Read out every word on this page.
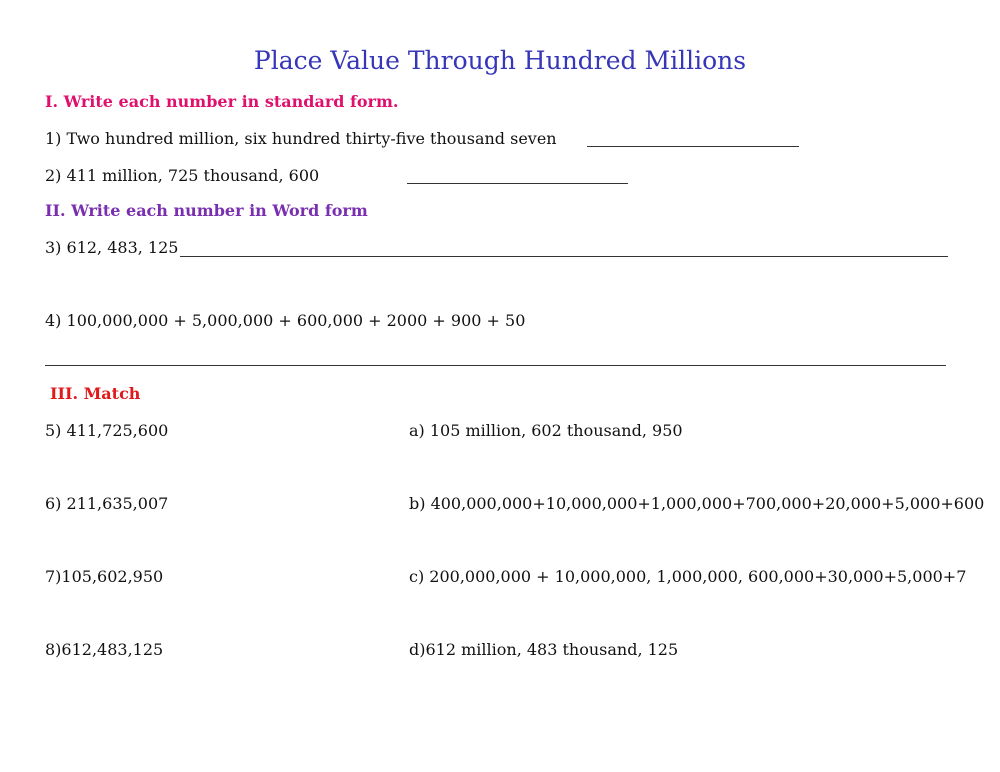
Place Value Through Hundred Millions
I. Write each number in standard form.
1) Two hundred million, six hundred thirty-five thousand seven
2) 411 million, 725 thousand, 600
II. Write each number in Word form
3) 612, 483, 125
4) 100,000,000 + 5,000,000 + 600,000 + 2000 + 900 + 50
III. Match
5) 411,725,600	a) 105 million, 602 thousand, 950
6) 211,635,007	b) 400,000,000+10,000,000+1,000,000+700,000+20,000+5,000+600
7)105,602,950	c) 200,000,000 + 10,000,000, 1,000,000, 600,000+30,000+5,000+7
8)612,483,125	d)612 million, 483 thousand, 125
